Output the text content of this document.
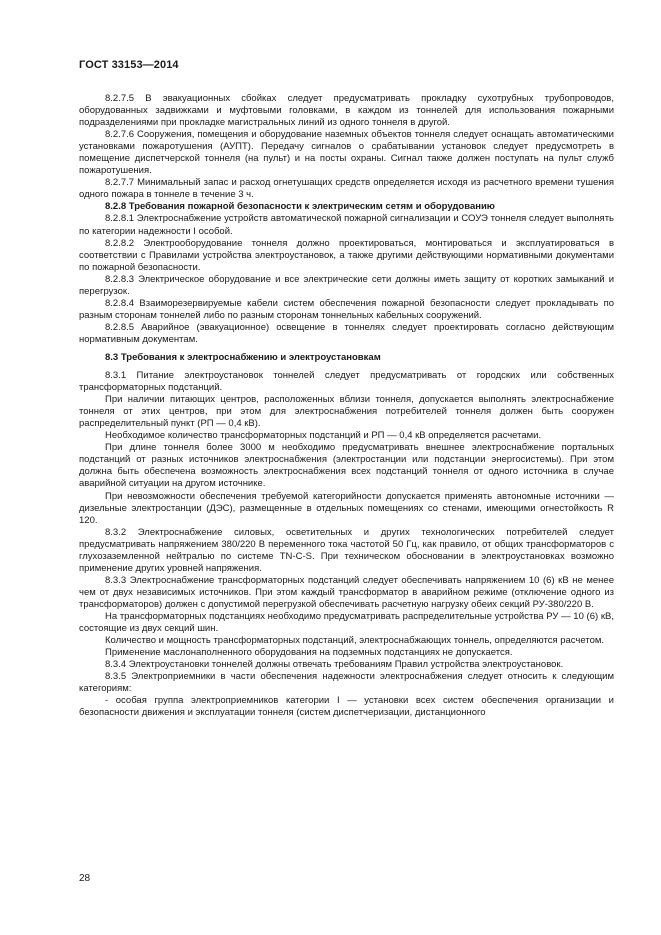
ГОСТ 33153—2014

8.2.7.5 В эвакуационных сбойках следует предусматривать прокладку сухотрубных трубопроводов, оборудованных задвижками и муфтовыми головками, в каждом из тоннелей для использования пожарными подразделениями при прокладке магистральных линий из одного тоннеля в другой.

8.2.7.6 Сооружения, помещения и оборудование наземных объектов тоннеля следует оснащать автоматическими установками пожаротушения (АУПТ). Передачу сигналов о срабатывании установок следует предусмотреть в помещение диспетчерской тоннеля (на пульт) и на посты охраны. Сигнал также должен поступать на пульт служб пожаротушения.

8.2.7.7 Минимальный запас и расход огнетушащих средств определяется исходя из расчетного времени тушения одного пожара в тоннеле в течение 3 ч.

8.2.8 Требования пожарной безопасности к электрическим сетям и оборудованию

8.2.8.1 Электроснабжение устройств автоматической пожарной сигнализации и СОУЭ тоннеля следует выполнять по категории надежности I особой.

8.2.8.2 Электрооборудование тоннеля должно проектироваться, монтироваться и эксплуатироваться в соответствии с Правилами устройства электроустановок, а также другими действующими нормативными документами по пожарной безопасности.

8.2.8.3 Электрическое оборудование и все электрические сети должны иметь защиту от коротких замыканий и перегрузок.

8.2.8.4 Взаиморезервируемые кабели систем обеспечения пожарной безопасности следует прокладывать по разным сторонам тоннелей либо по разным сторонам тоннельных кабельных сооружений.

8.2.8.5 Аварийное (эвакуационное) освещение в тоннелях следует проектировать согласно действующим нормативным документам.

8.3 Требования к электроснабжению и электроустановкам

8.3.1 Питание электроустановок тоннелей следует предусматривать от городских или собственных трансформаторных подстанций.

При наличии питающих центров, расположенных вблизи тоннеля, допускается выполнять электроснабжение тоннеля от этих центров, при этом для электроснабжения потребителей тоннеля должен быть сооружен распределительный пункт (РП — 0,4 кВ).

Необходимое количество трансформаторных подстанций и РП — 0,4 кВ определяется расчетами.

При длине тоннеля более 3000 м необходимо предусматривать внешнее электроснабжение портальных подстанций от разных источников электроснабжения (электростанции или подстанции энергосистемы). При этом должна быть обеспечена возможность электроснабжения всех подстанций тоннеля от одного источника в случае аварийной ситуации на другом источнике.

При невозможности обеспечения требуемой категорийности допускается применять автономные источники — дизельные электростанции (ДЭС), размещенные в отдельных помещениях со стенами, имеющими огнестойкость R 120.

8.3.2 Электроснабжение силовых, осветительных и других технологических потребителей следует предусматривать напряжением 380/220 В переменного тока частотой 50 Гц, как правило, от общих трансформаторов с глухозаземленной нейтралью по системе TN-C-S. При техническом обосновании в электроустановках возможно применение других уровней напряжения.

8.3.3 Электроснабжение трансформаторных подстанций следует обеспечивать напряжением 10 (6) кВ не менее чем от двух независимых источников. При этом каждый трансформатор в аварийном режиме (отключение одного из трансформаторов) должен с допустимой перегрузкой обеспечивать расчетную нагрузку обеих секций РУ-380/220 В.

На трансформаторных подстанциях необходимо предусматривать распределительные устройства РУ — 10 (6) кВ, состоящие из двух секций шин.

Количество и мощность трансформаторных подстанций, электроснабжающих тоннель, определяются расчетом.

Применение маслонаполненного оборудования на подземных подстанциях не допускается.

8.3.4 Электроустановки тоннелей должны отвечать требованиям Правил устройства электроустановок.

8.3.5 Электроприемники в части обеспечения надежности электроснабжения следует относить к следующим категориям:

- особая группа электроприемников категории I — установки всех систем обеспечения организации и безопасности движения и эксплуатации тоннеля (систем диспетчеризации, дистанционного

28
